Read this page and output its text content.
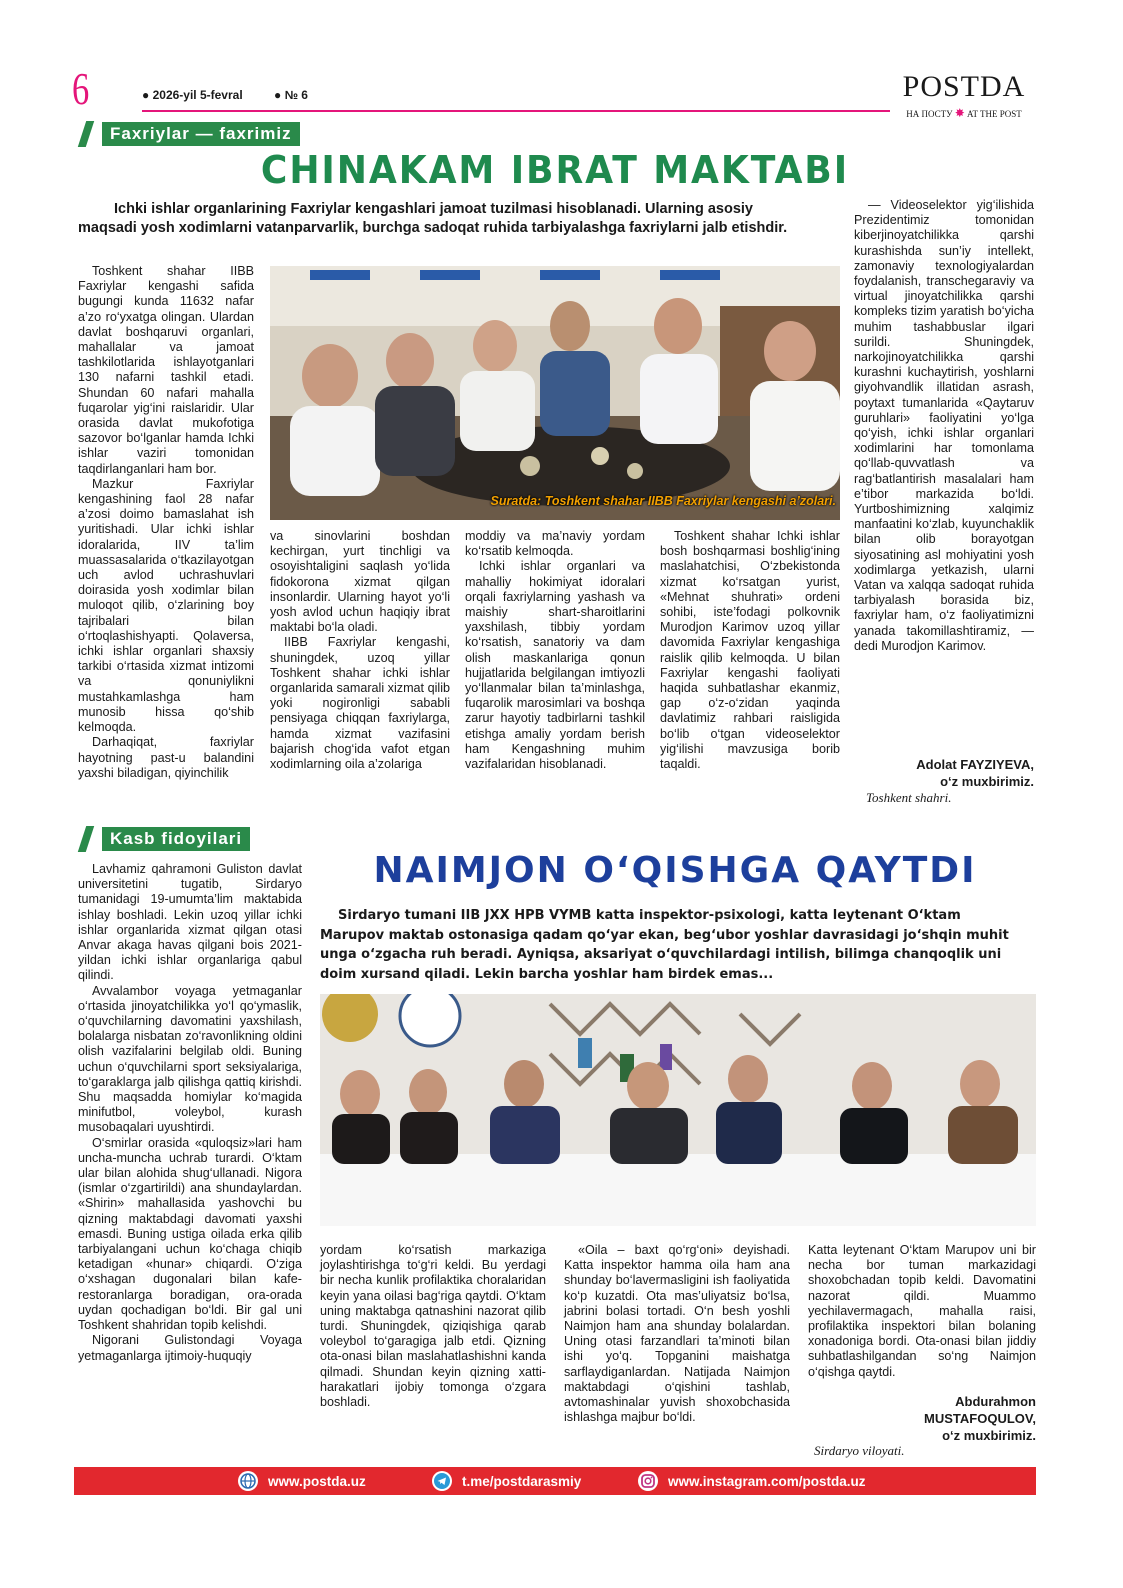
6	● 2026-yil 5-fevral	● № 6	POSTDA
НА ПОСТУ ✸ AT THE POST
Faxriylar — faxrimiz
CHINAKAM IBRAT MAKTABI
Ichki ishlar organlarining Faxriylar kengashlari jamoat tuzilmasi hisoblanadi. Ularning asosiy maqsadi yosh xodimlarni vatanparvarlik, burchga sadoqat ruhida tarbiyalashga faxriylarni jalb etishdir.

Toshkent shahar IIBB Faxriylar kengashi safida bugungi kunda 11632 nafar a’zo ro‘yxatga olingan. Ulardan davlat boshqaruvi organlari, mahallalar va jamoat tashkilotlarida ishlayotganlari 130 nafarni tashkil etadi. Shundan 60 nafari mahalla fuqarolar yig‘ini raislaridir. Ular orasida davlat mukofotiga sazovor bo‘lganlar hamda Ichki ishlar vaziri tomonidan taqdirlanganlari ham bor.

Mazkur Faxriylar kengashining faol 28 nafar a’zosi doimo bamaslahat ish yuritishadi. Ular ichki ishlar idoralarida, IIV ta’lim muassasalarida o‘tkazilayotgan uch avlod uchrashuvlari doirasida yosh xodimlar bilan muloqot qilib, o‘zlarining boy tajribalari bilan o‘rtoqlashishyapti. Qolaversa, ichki ishlar organlari shaxsiy tarkibi o‘rtasida xizmat intizomi va qonuniylikni mustahkamlashga ham munosib hissa qo‘shib kelmoqda.

Darhaqiqat, faxriylar hayotning past-u balandini yaxshi biladigan, qiyinchilik

Suratda: Toshkent shahar IIBB Faxriylar kengashi a’zolari.

va sinovlarini boshdan kechirgan, yurt tinchligi va osoyishtaligini saqlash yo‘lida fidokorona xizmat qilgan insonlardir. Ularning hayot yo‘li yosh avlod uchun haqiqiy ibrat maktabi bo‘la oladi.

IIBB Faxriylar kengashi, shuningdek, uzoq yillar Toshkent shahar ichki ishlar organlarida samarali xizmat qilib yoki nogironligi sababli pensiyaga chiqqan faxriylarga, hamda xizmat vazifasini bajarish chog‘ida vafot etgan xodimlarning oila a’zolariga

moddiy va ma’naviy yordam ko‘rsatib kelmoqda.

Ichki ishlar organlari va mahalliy hokimiyat idoralari orqali faxriylarning yashash va maishiy shart-sharoitlarini yaxshilash, tibbiy yordam ko‘rsatish, sanatoriy va dam olish maskanlariga qonun hujjatlarida belgilangan imtiyozli yo‘llanmalar bilan ta’minlashga, fuqarolik marosimlari va boshqa zarur hayotiy tadbirlarni tashkil etishga amaliy yordam berish ham Kengashning muhim vazifalaridan hisoblanadi.

Toshkent shahar Ichki ishlar bosh boshqarmasi boshlig‘ining maslahatchisi, O‘zbekistonda xizmat ko‘rsatgan yurist, «Mehnat shuhrati» ordeni sohibi, iste’fodagi polkovnik Murodjon Karimov uzoq yillar davomida Faxriylar kengashiga raislik qilib kelmoqda. U bilan Faxriylar kengashi faoliyati haqida suhbatlashar ekanmiz, gap o‘z-o‘zidan yaqinda davlatimiz rahbari raisligida bo‘lib o‘tgan videoselektor yig‘ilishi mavzusiga borib taqaldi.

— Videoselektor yig‘ilishida Prezidentimiz tomonidan kiberjinoyatchilikka qarshi kurashishda sun’iy intellekt, zamonaviy texnologiyalardan foydalanish, transchegaraviy va virtual jinoyatchilikka qarshi kompleks tizim yaratish bo‘yicha muhim tashabbuslar ilgari surildi. Shuningdek, narkojinoyatchilikka qarshi kurashni kuchaytirish, yoshlarni giyohvandlik illatidan asrash, poytaxt tumanlarida «Qaytaruv guruhlari» faoliyatini yo‘lga qo‘yish, ichki ishlar organlari xodimlarini har tomonlama qo‘llab-quvvatlash va rag‘batlantirish masalalari ham e’tibor markazida bo‘ldi. Yurtboshimizning xalqimiz manfaatini ko‘zlab, kuyunchaklik bilan olib borayotgan siyosatining asl mohiyatini yosh xodimlarga yetkazish, ularni Vatan va xalqqa sadoqat ruhida tarbiyalash borasida biz, faxriylar ham, o‘z faoliyatimizni yanada takomillashtiramiz, — dedi Murodjon Karimov.

Adolat FAYZIYEVA,
o‘z muxbirimiz.
Toshkent shahri.
Kasb fidoyilari
NAIMJON O‘QISHGA QAYTDI
Sirdaryo tumani IIB JXX HPB VYMB katta inspektor-psixologi, katta leytenant O‘ktam Marupov maktab ostonasiga qadam qo‘yar ekan, beg‘ubor yoshlar davrasidagi jo‘shqin muhit unga o‘zgacha ruh beradi. Ayniqsa, aksariyat o‘quvchilardagi intilish, bilimga chanqoqlik uni doim xursand qiladi. Lekin barcha yoshlar ham birdek emas...

Lavhamiz qahramoni Guliston davlat universitetini tugatib, Sirdaryo tumanidagi 19-umumta’lim maktabida ishlay boshladi. Lekin uzoq yillar ichki ishlar organlarida xizmat qilgan otasi Anvar akaga havas qilgani bois 2021-yildan ichki ishlar organlariga qabul qilindi.

Avvalambor voyaga yetmaganlar o‘rtasida jinoyatchilikka yo‘l qo‘ymaslik, o‘quvchilarning davomatini yaxshilash, bolalarga nisbatan zo‘ravonlikning oldini olish vazifalarini belgilab oldi. Buning uchun o‘quvchilarni sport seksiyalariga, to‘garaklarga jalb qilishga qattiq kirishdi. Shu maqsadda homiylar ko‘magida minifutbol, voleybol, kurash musobaqalari uyushtirdi.

O‘smirlar orasida «quloqsiz»lari ham uncha-muncha uchrab turardi. O‘ktam ular bilan alohida shug‘ullanadi. Nigora (ismlar o‘zgartirildi) ana shundaylardan. «Shirin» mahallasida yashovchi bu qizning maktabdagi davomati yaxshi emasdi. Buning ustiga oilada erka qilib tarbiyalangani uchun ko‘chaga chiqib ketadigan «hunar» chiqardi. O‘ziga o‘xshagan dugonalari bilan kafe-restoranlarga boradigan, ora-orada uydan qochadigan bo‘ldi. Bir gal uni Toshkent shahridan topib kelishdi.

Nigorani Gulistondagi Voyaga yetmaganlarga ijtimoiy-huquqiy

yordam ko‘rsatish markaziga joylashtirishga to‘g‘ri keldi. Bu yerdagi bir necha kunlik profilaktika choralaridan keyin yana oilasi bag‘riga qaytdi. O‘ktam uning maktabga qatnashini nazorat qilib turdi. Shuningdek, qiziqishiga qarab voleybol to‘garagiga jalb etdi. Qizning ota-onasi bilan maslahatlashishni kanda qilmadi. Shundan keyin qizning xatti-harakatlari ijobiy tomonga o‘zgara boshladi.

«Oila – baxt qo‘rg‘oni» deyishadi. Katta inspektor hamma oila ham ana shunday bo‘lavermasligini ish faoliyatida ko‘p kuzatdi. Ota mas’uliyatsiz bo‘lsa, jabrini bolasi tortadi. O‘n besh yoshli Naimjon ham ana shunday bolalardan. Uning otasi farzandlari ta’minoti bilan ishi yo‘q. Topganini maishatga sarflaydiganlardan. Natijada Naimjon maktabdagi o‘qishini tashlab, avtomashinalar yuvish shoxobchasida ishlashga majbur bo‘ldi.

Katta leytenant O‘ktam Marupov uni bir necha bor tuman markazidagi shoxobchadan topib keldi. Davomatini nazorat qildi. Muammo yechilavermagach, mahalla raisi, profilaktika inspektori bilan bolaning xonadoniga bordi. Ota-onasi bilan jiddiy suhbatlashilgandan so‘ng Naimjon o‘qishga qaytdi.

Abdurahmon
MUSTAFOQULOV,
o‘z muxbirimiz.
Sirdaryo viloyati.
www.postda.uz	t.me/postdarasmiy	www.instagram.com/postda.uz
